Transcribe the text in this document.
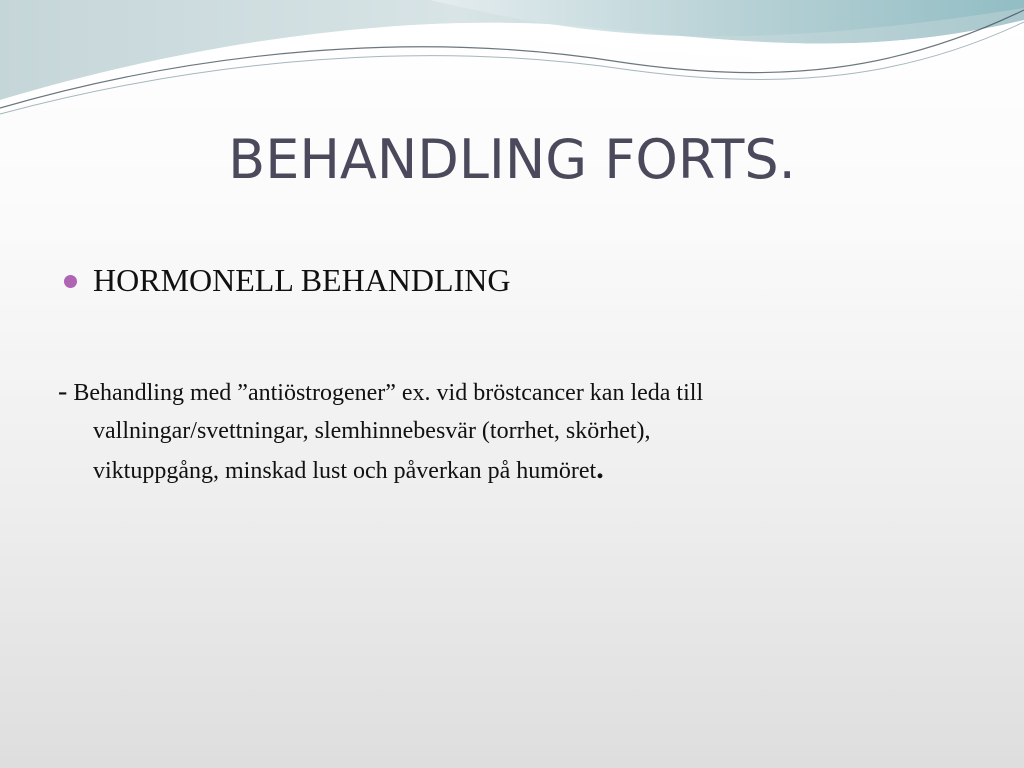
BEHANDLING FORTS.
HORMONELL BEHANDLING
- Behandling med ”antiöstrogener” ex. vid bröstcancer kan leda till
vallningar/svettningar, slemhinnebesvär (torrhet, skörhet),
viktuppgång, minskad lust och påverkan på humöret.
